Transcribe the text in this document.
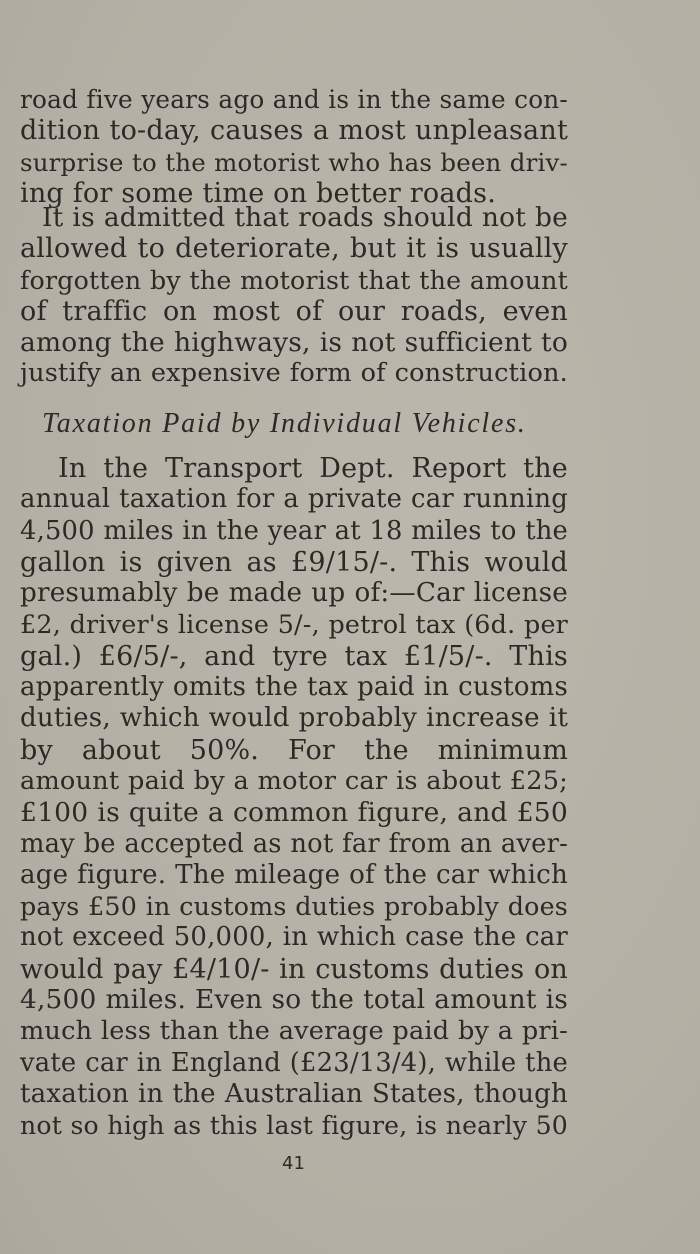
road five years ago and is in the same con-
dition to-day, causes a most unpleasant
surprise to the motorist who has been driv-
ing for some time on better roads.
It is admitted that roads should not be
allowed to deteriorate, but it is usually
forgotten by the motorist that the amount
of traffic on most of our roads, even
among the highways, is not sufficient to
justify an expensive form of construction.
Taxation Paid by Individual Vehicles.
In the Transport Dept. Report the
annual taxation for a private car running
4,500 miles in the year at 18 miles to the
gallon is given as £9/15/-. This would
presumably be made up of:—Car license
£2, driver's license 5/-, petrol tax (6d. per
gal.) £6/5/-, and tyre tax £1/5/-. This
apparently omits the tax paid in customs
duties, which would probably increase it
by about 50%. For the minimum
amount paid by a motor car is about £25;
£100 is quite a common figure, and £50
may be accepted as not far from an aver-
age figure. The mileage of the car which
pays £50 in customs duties probably does
not exceed 50,000, in which case the car
would pay £4/10/- in customs duties on
4,500 miles. Even so the total amount is
much less than the average paid by a pri-
vate car in England (£23/13/4), while the
taxation in the Australian States, though
not so high as this last figure, is nearly 50
41
